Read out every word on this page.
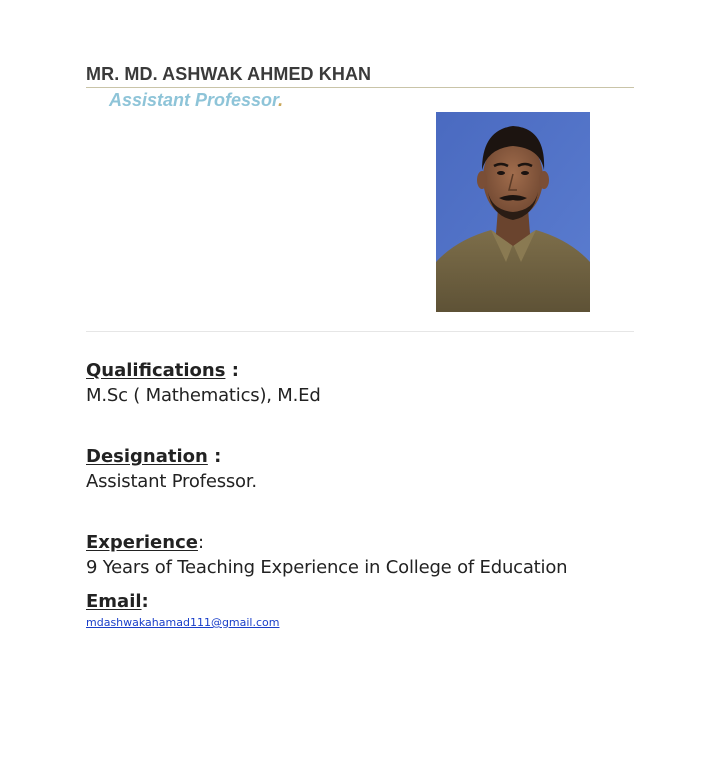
MR. MD. ASHWAK AHMED KHAN
Assistant Professor.
Qualifications :
M.Sc ( Mathematics), M.Ed
Designation :
Assistant Professor.
Experience:
9 Years of Teaching Experience in College of Education
Email:
mdashwakahamad111@gmail.com
